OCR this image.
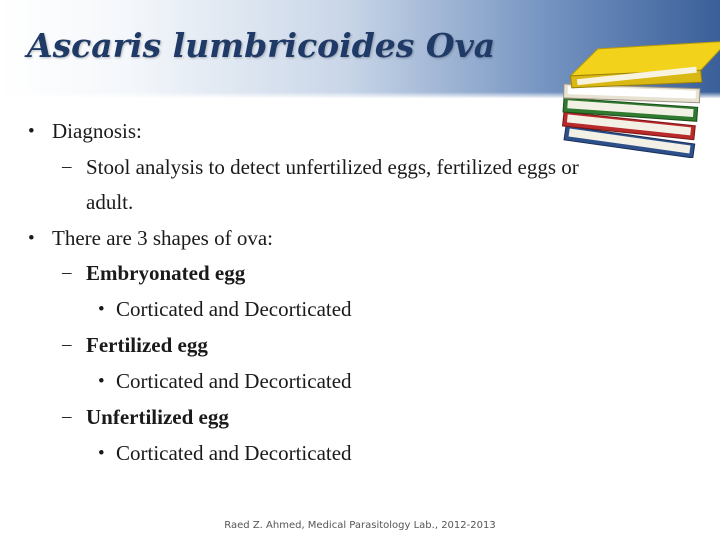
Ascaris lumbricoides Ova
• Diagnosis:
– Stool analysis to detect unfertilized eggs, fertilized eggs or
adult.
• There are 3 shapes of ova:
– Embryonated egg
• Corticated and Decorticated
– Fertilized egg
• Corticated and Decorticated
– Unfertilized egg
• Corticated and Decorticated
Raed Z. Ahmed, Medical Parasitology Lab., 2012-2013
